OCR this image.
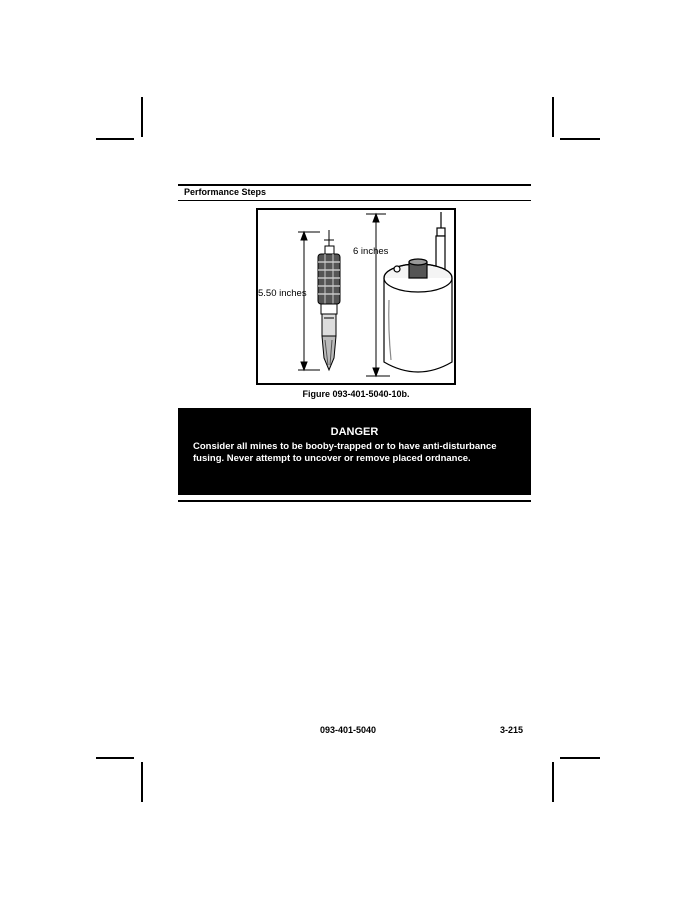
Performance Steps
5.50 inches
6 inches
Figure 093-401-5040-10b.
DANGER
Consider all mines to be booby-trapped or to have anti-disturbance fusing. Never attempt to uncover or remove placed ordnance.
093-401-5040	3-215
